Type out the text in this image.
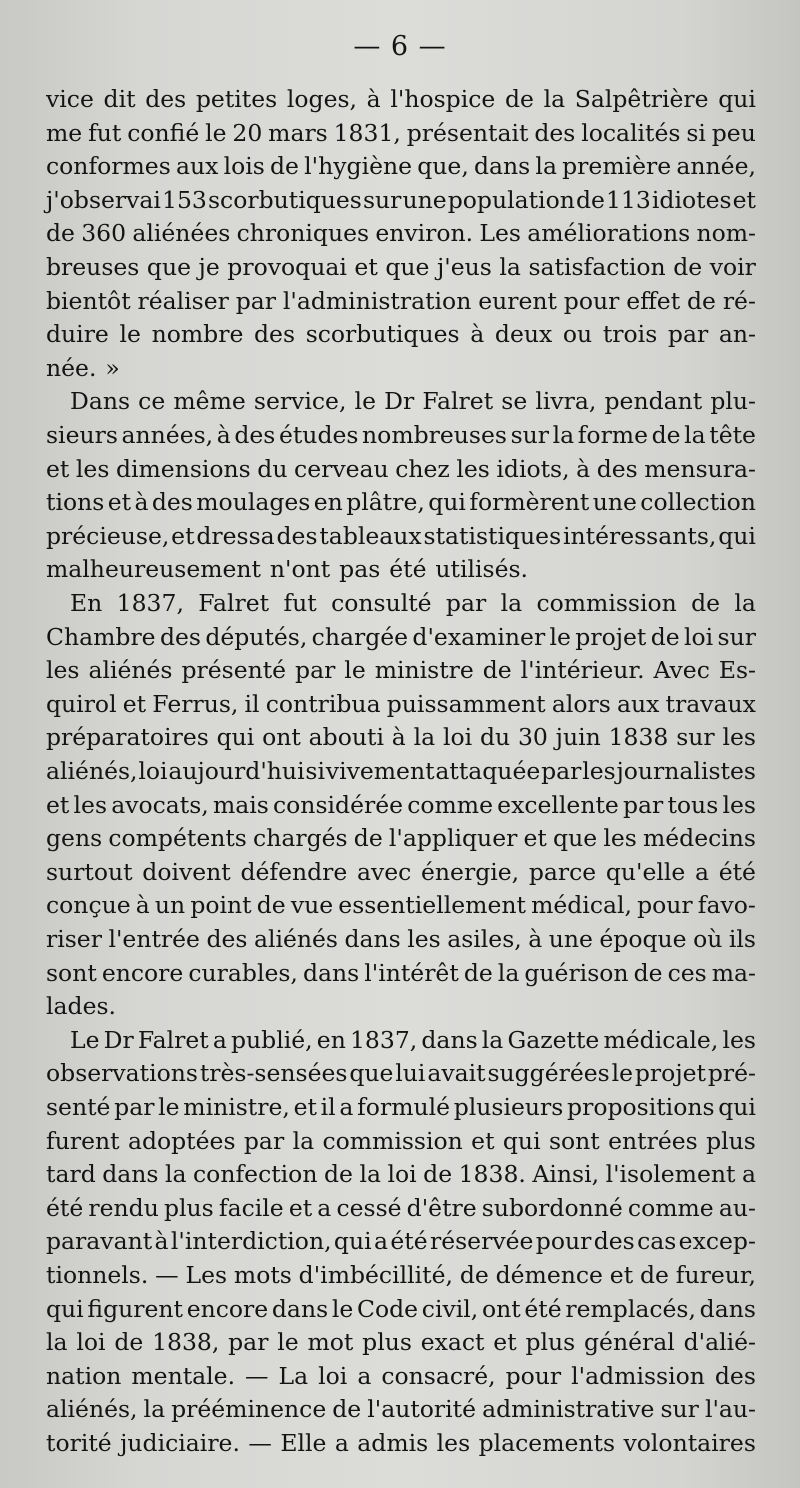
— 6 —
vice dit des petites loges, à l'hospice de la Salpêtrière qui
me fut confié le 20 mars 1831, présentait des localités si peu
conformes aux lois de l'hygiène que, dans la première année,
j'observai 153 scorbutiques sur une population de 113 idiotes et
de 360 aliénées chroniques environ. Les améliorations nom-
breuses que je provoquai et que j'eus la satisfaction de voir
bientôt réaliser par l'administration eurent pour effet de ré-
duire le nombre des scorbutiques à deux ou trois par an-
née. »
Dans ce même service, le Dr Falret se livra, pendant plu-
sieurs années, à des études nombreuses sur la forme de la tête
et les dimensions du cerveau chez les idiots, à des mensura-
tions et à des moulages en plâtre, qui formèrent une collection
précieuse, et dressa des tableaux statistiques intéressants, qui
malheureusement n'ont pas été utilisés.
En 1837, Falret fut consulté par la commission de la
Chambre des députés, chargée d'examiner le projet de loi sur
les aliénés présenté par le ministre de l'intérieur. Avec Es-
quirol et Ferrus, il contribua puissamment alors aux travaux
préparatoires qui ont abouti à la loi du 30 juin 1838 sur les
aliénés, loi aujourd'hui si vivement attaquée par les journalistes
et les avocats, mais considérée comme excellente par tous les
gens compétents chargés de l'appliquer et que les médecins
surtout doivent défendre avec énergie, parce qu'elle a été
conçue à un point de vue essentiellement médical, pour favo-
riser l'entrée des aliénés dans les asiles, à une époque où ils
sont encore curables, dans l'intérêt de la guérison de ces ma-
lades.
Le Dr Falret a publié, en 1837, dans la Gazette médicale, les
observations très-sensées que lui avait suggérées le projet pré-
senté par le ministre, et il a formulé plusieurs propositions qui
furent adoptées par la commission et qui sont entrées plus
tard dans la confection de la loi de 1838. Ainsi, l'isolement a
été rendu plus facile et a cessé d'être subordonné comme au-
paravant à l'interdiction, qui a été réservée pour des cas excep-
tionnels. — Les mots d'imbécillité, de démence et de fureur,
qui figurent encore dans le Code civil, ont été remplacés, dans
la loi de 1838, par le mot plus exact et plus général d'alié-
nation mentale. — La loi a consacré, pour l'admission des
aliénés, la prééminence de l'autorité administrative sur l'au-
torité judiciaire. — Elle a admis les placements volontaires
